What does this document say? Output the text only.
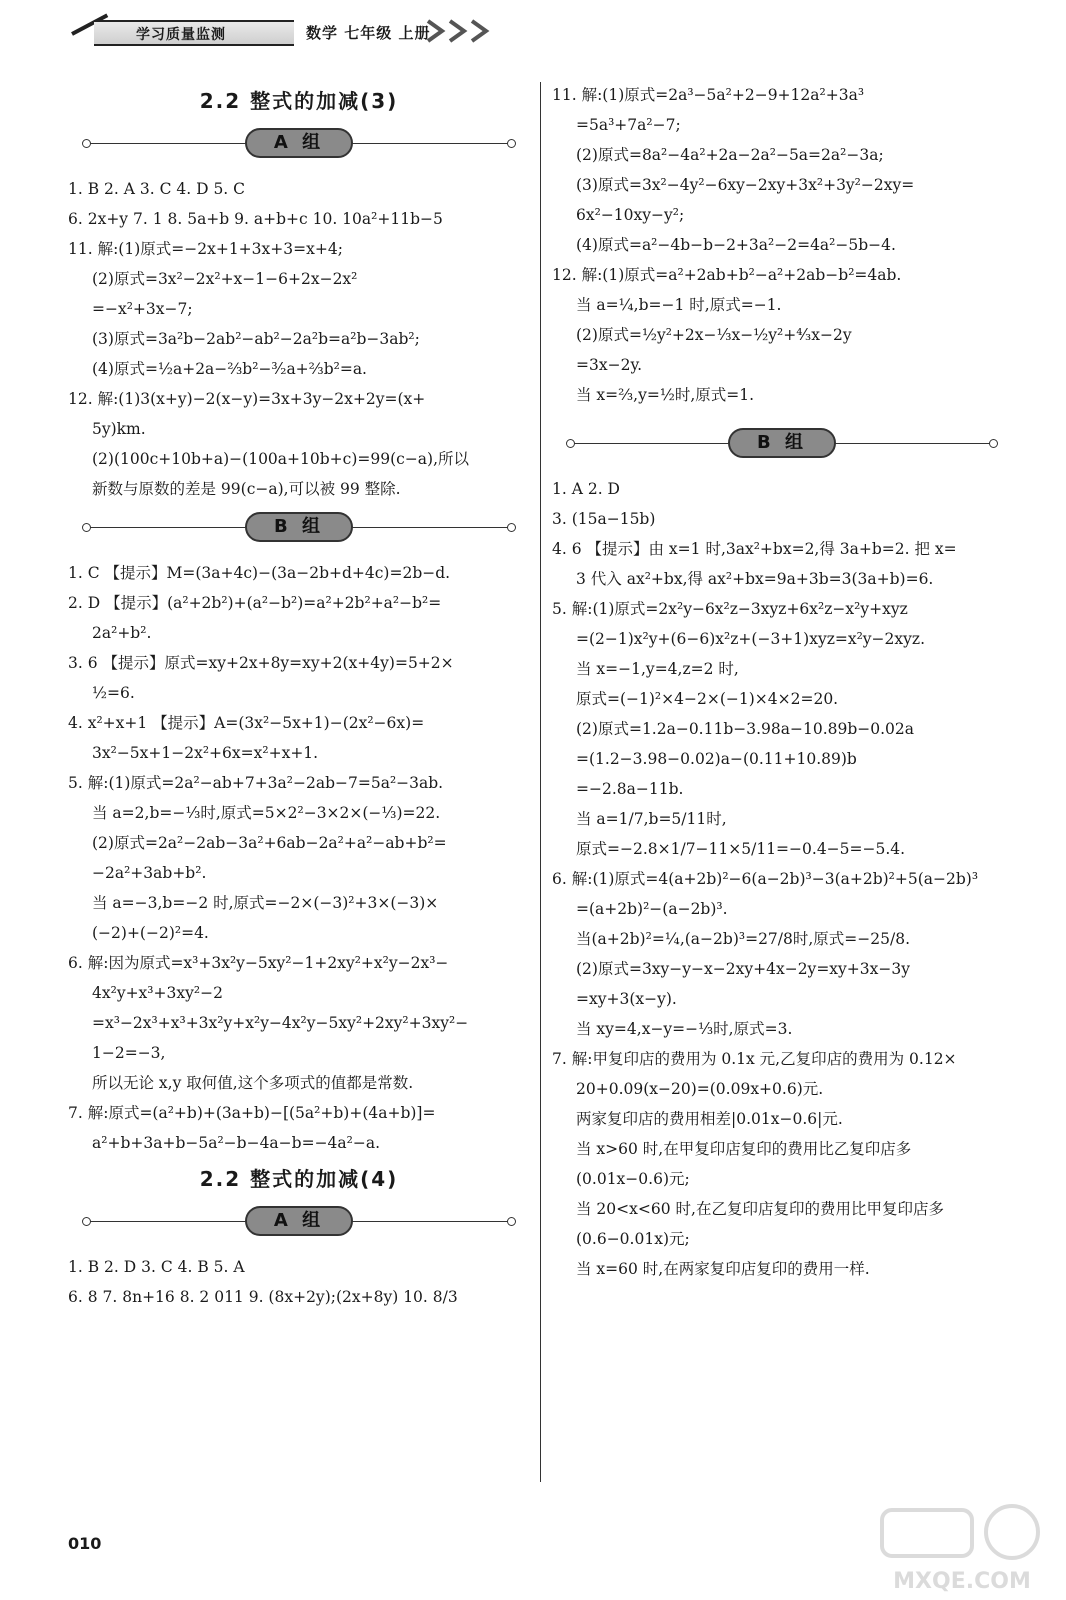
学习质量监测	数学 七年级 上册
2.2 整式的加减(3)
A 组
1. B 2. A 3. C 4. D 5. C
6. 2x+y 7. 1 8. 5a+b 9. a+b+c 10. 10a²+11b−5
11. 解:(1)原式=−2x+1+3x+3=x+4;
(2)原式=3x²−2x²+x−1−6+2x−2x²
=−x²+3x−7;
(3)原式=3a²b−2ab²−ab²−2a²b=a²b−3ab²;
(4)原式=½a+2a−⅔b²−³⁄₂a+⅔b²=a.
12. 解:(1)3(x+y)−2(x−y)=3x+3y−2x+2y=(x+
5y)km.
(2)(100c+10b+a)−(100a+10b+c)=99(c−a),所以
新数与原数的差是 99(c−a),可以被 99 整除.
B 组
1. C 【提示】M=(3a+4c)−(3a−2b+d+4c)=2b−d.
2. D 【提示】(a²+2b²)+(a²−b²)=a²+2b²+a²−b²=
2a²+b².
3. 6 【提示】原式=xy+2x+8y=xy+2(x+4y)=5+2×
½=6.
4. x²+x+1 【提示】A=(3x²−5x+1)−(2x²−6x)=
3x²−5x+1−2x²+6x=x²+x+1.
5. 解:(1)原式=2a²−ab+7+3a²−2ab−7=5a²−3ab.
当 a=2,b=−⅓时,原式=5×2²−3×2×(−⅓)=22.
(2)原式=2a²−2ab−3a²+6ab−2a²+a²−ab+b²=
−2a²+3ab+b².
当 a=−3,b=−2 时,原式=−2×(−3)²+3×(−3)×
(−2)+(−2)²=4.
6. 解:因为原式=x³+3x²y−5xy²−1+2xy²+x²y−2x³−
4x²y+x³+3xy²−2
=x³−2x³+x³+3x²y+x²y−4x²y−5xy²+2xy²+3xy²−
1−2=−3,
所以无论 x,y 取何值,这个多项式的值都是常数.
7. 解:原式=(a²+b)+(3a+b)−[(5a²+b)+(4a+b)]=
a²+b+3a+b−5a²−b−4a−b=−4a²−a.
2.2 整式的加减(4)
A 组
1. B 2. D 3. C 4. B 5. A
6. 8 7. 8n+16 8. 2 011 9. (8x+2y);(2x+8y) 10. 8/3
11. 解:(1)原式=2a³−5a²+2−9+12a²+3a³
=5a³+7a²−7;
(2)原式=8a²−4a²+2a−2a²−5a=2a²−3a;
(3)原式=3x²−4y²−6xy−2xy+3x²+3y²−2xy=
6x²−10xy−y²;
(4)原式=a²−4b−b−2+3a²−2=4a²−5b−4.
12. 解:(1)原式=a²+2ab+b²−a²+2ab−b²=4ab.
当 a=¼,b=−1 时,原式=−1.
(2)原式=½y²+2x−⅓x−½y²+⁴⁄₃x−2y
=3x−2y.
当 x=⅔,y=½时,原式=1.
B 组
1. A 2. D
3. (15a−15b)
4. 6 【提示】由 x=1 时,3ax²+bx=2,得 3a+b=2. 把 x=
3 代入 ax²+bx,得 ax²+bx=9a+3b=3(3a+b)=6.
5. 解:(1)原式=2x²y−6x²z−3xyz+6x²z−x²y+xyz
=(2−1)x²y+(6−6)x²z+(−3+1)xyz=x²y−2xyz.
当 x=−1,y=4,z=2 时,
原式=(−1)²×4−2×(−1)×4×2=20.
(2)原式=1.2a−0.11b−3.98a−10.89b−0.02a
=(1.2−3.98−0.02)a−(0.11+10.89)b
=−2.8a−11b.
当 a=1/7,b=5/11时,
原式=−2.8×1/7−11×5/11=−0.4−5=−5.4.
6. 解:(1)原式=4(a+2b)²−6(a−2b)³−3(a+2b)²+5(a−2b)³
=(a+2b)²−(a−2b)³.
当(a+2b)²=¼,(a−2b)³=27/8时,原式=−25/8.
(2)原式=3xy−y−x−2xy+4x−2y=xy+3x−3y
=xy+3(x−y).
当 xy=4,x−y=−⅓时,原式=3.
7. 解:甲复印店的费用为 0.1x 元,乙复印店的费用为 0.12×
20+0.09(x−20)=(0.09x+0.6)元.
两家复印店的费用相差|0.01x−0.6|元.
当 x>60 时,在甲复印店复印的费用比乙复印店多
(0.01x−0.6)元;
当 20<x<60 时,在乙复印店复印的费用比甲复印店多
(0.6−0.01x)元;
当 x=60 时,在两家复印店复印的费用一样.
010
MXQE.COM
